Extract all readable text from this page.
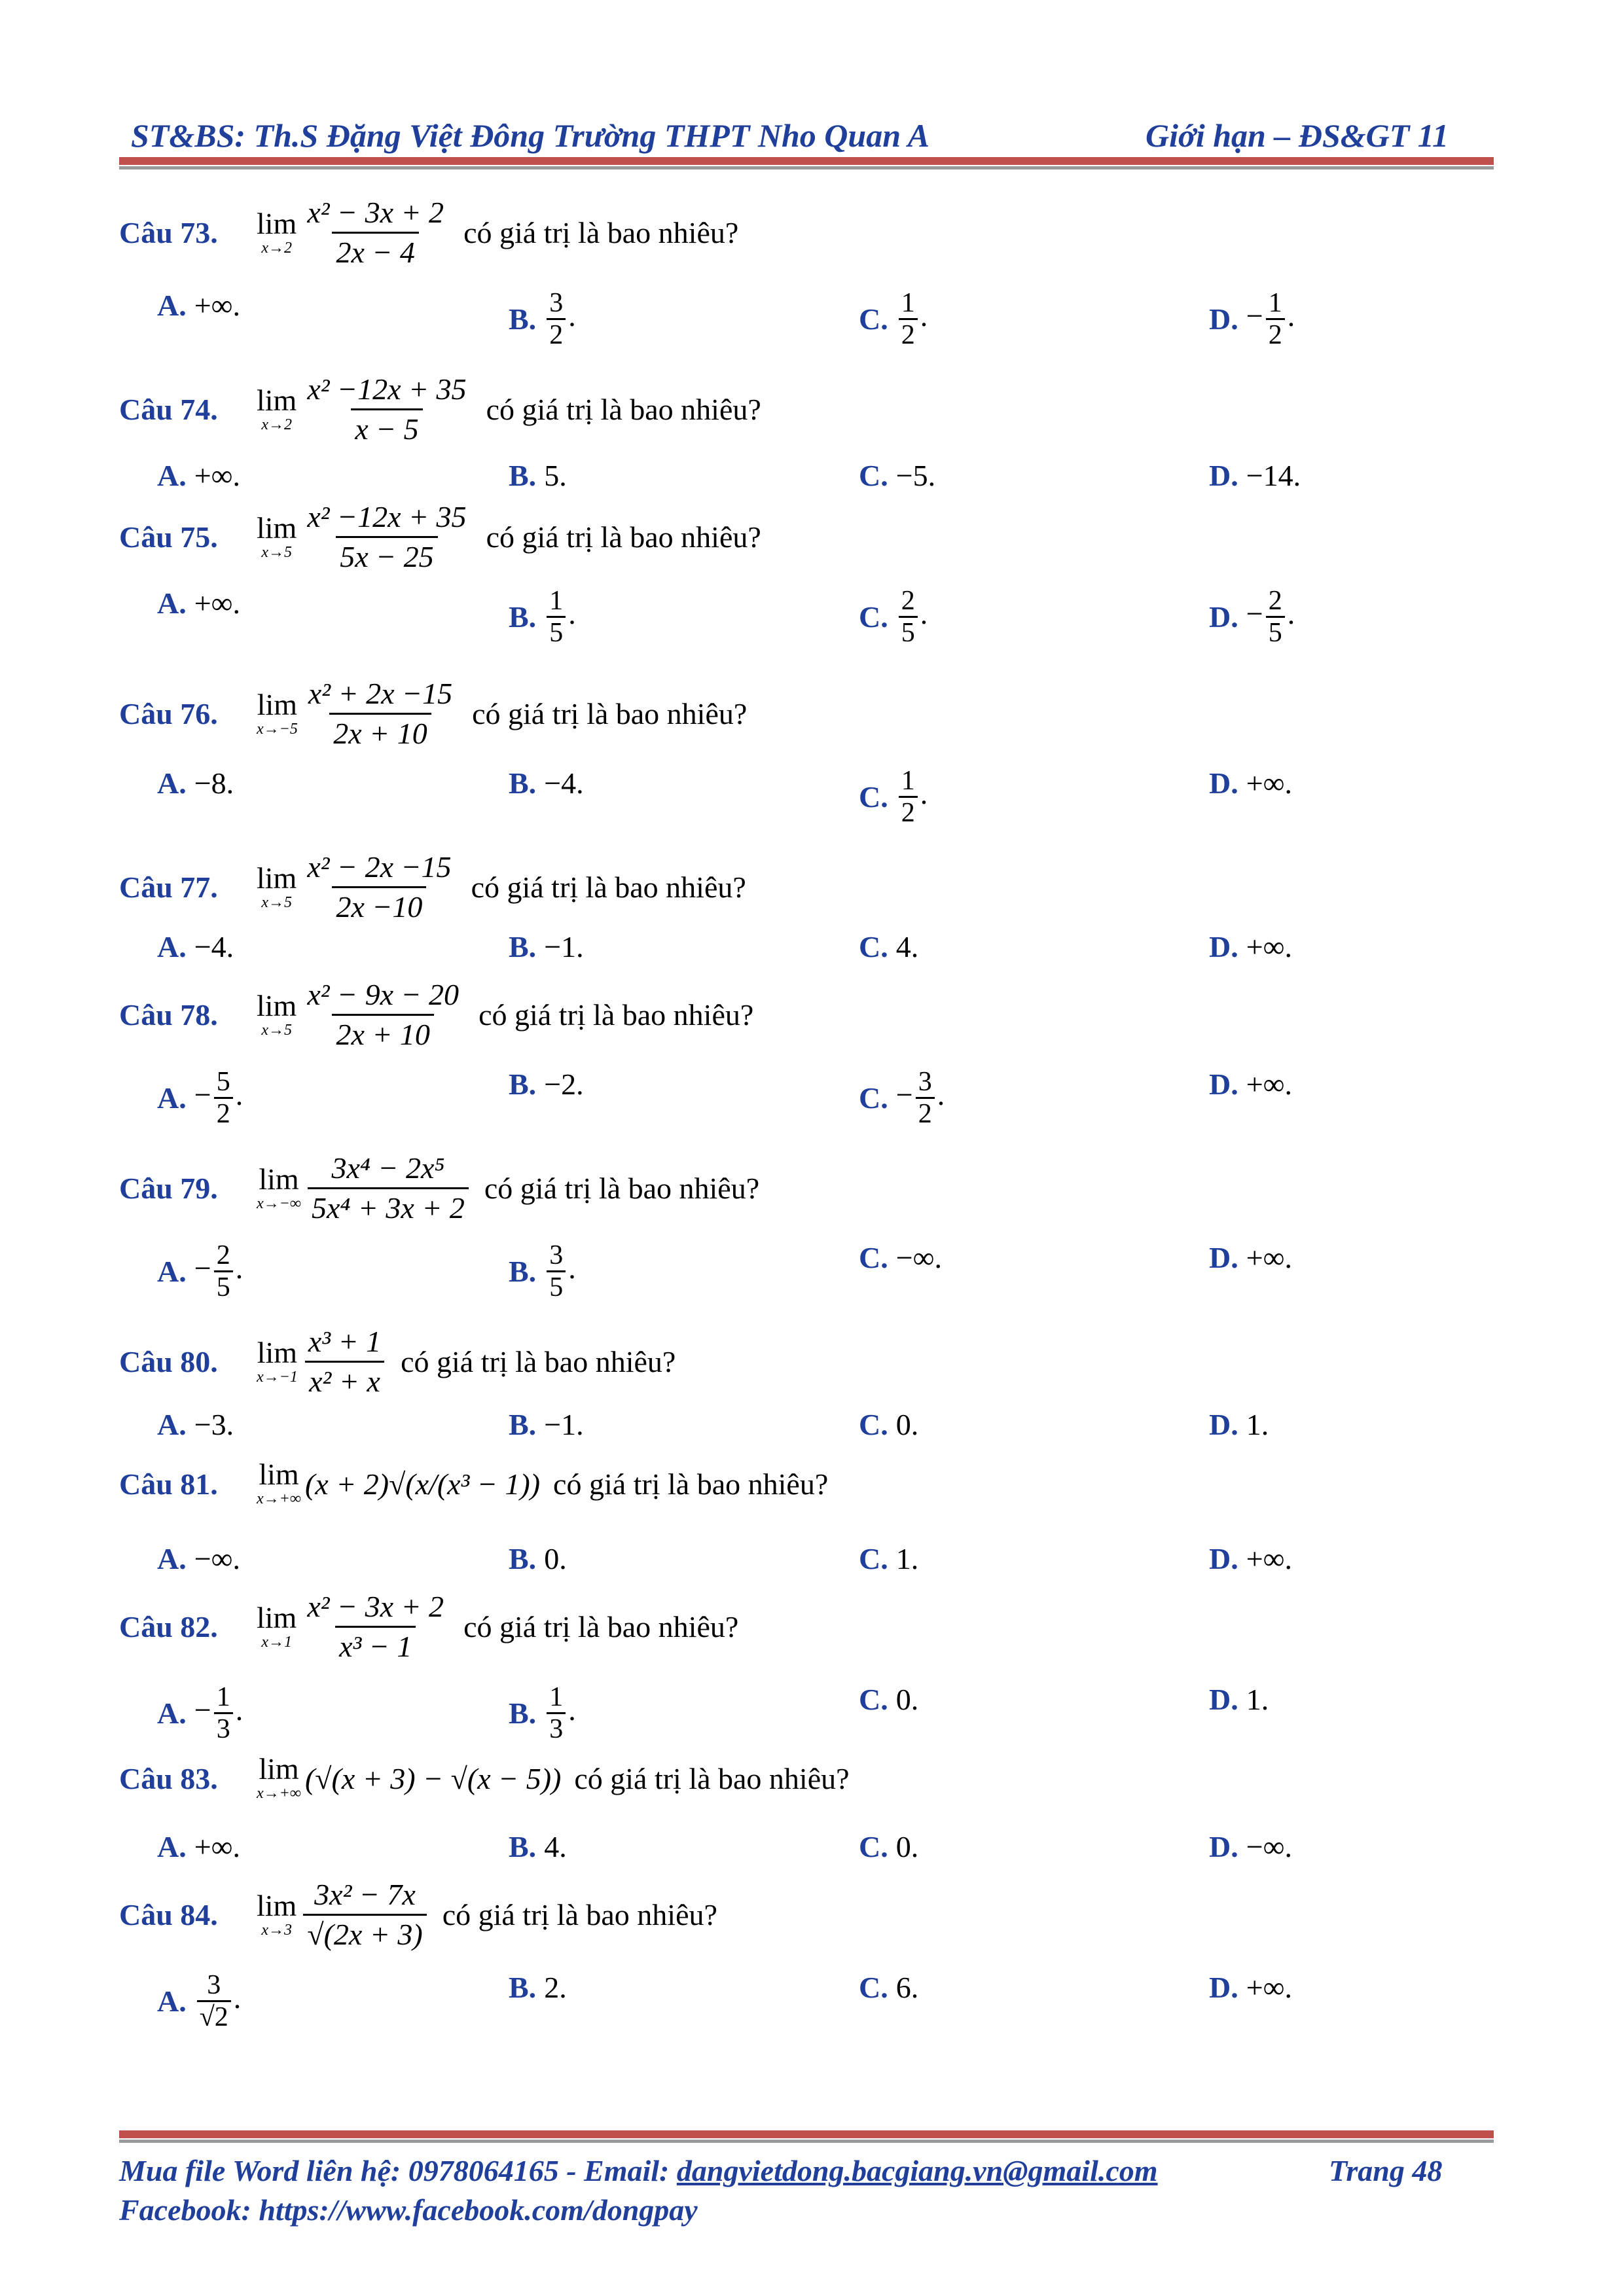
ST&BS: Th.S Đặng Việt Đông Trường THPT Nho Quan A	Giới hạn – ĐS&GT 11
Câu 73.	lim
$x\to 2 \frac{\text{x² − 3x + 2}}{2x - 4}$ có giá trị là bao nhiêu?
A. +∞.	B. $\frac{3}{2}$ .	C. $\frac{1}{2}$ .	D. − $\frac{1}{2}$ .
Câu 74.	lim
$x\to 2 \frac{\text{x² −12x + 35}}{x - 5}$ có giá trị là bao nhiêu?
A. +∞.	B. 5.	C. −5.	D. −14.
Câu 75.	lim
$x\to 5 \frac{\text{x² −12x + 35}}{5x - 25}$ có giá trị là bao nhiêu?
A. +∞.	B. $\frac{1}{5}$ .	C. $\frac{2}{5}$ .	D. − $\frac{2}{5}$ .
Câu 76.	lim
$x\to-5 \frac{\text{x² + 2x −15}}{2x + 10}$ có giá trị là bao nhiêu?
A. −8.	B. −4.	C. $\frac{1}{2}$ .	D. +∞.
Câu 77.	lim
$x\to 5 \frac{\text{x² − 2x −15}}{2x -10}$ có giá trị là bao nhiêu?
A. −4.	B. −1.	C. 4.	D. +∞.
Câu 78.	lim
$x\to 5 \frac{\text{x² − 9x − 20}}{2x + 10}$ có giá trị là bao nhiêu?
A. − $\frac{5}{2}$ .	B. −2.	C. − $\frac{3}{2}$ .	D. +∞.
Câu 79.	lim
$x\to-\infty \frac{\text{3x⁴ − 2x⁵}}{\text{5x⁴ + 3x + 2}}$ có giá trị là bao nhiêu?
A. − $\frac{2}{5}$ .	B. $\frac{3}{5}$ .	C. −∞.	D. +∞.
Câu 80.	lim
$x\to-1 \frac{\text{x³ + 1}}{\text{x² + x}}$ có giá trị là bao nhiêu?
A. −3.	B. −1.	C. 0.	D. 1.
Câu 81.	lim
x→+∞ (x + 2)√(x/(x³ − 1)) có giá trị là bao nhiêu?
A. −∞.	B. 0.	C. 1.	D. +∞.
Câu 82.	lim
$x\to 1 \frac{\text{x² − 3x + 2}}{\text{x³ − 1}}$ có giá trị là bao nhiêu?
A. − $\frac{1}{3}$ .	B. $\frac{1}{3}$ .	C. 0.	D. 1.
Câu 83.	lim
x→+∞ (√(x + 3) − √(x − 5)) có giá trị là bao nhiêu?
A. +∞.	B. 4.	C. 0.	D. −∞.
Câu 84.	lim
$x\to 3 \frac{\text{3x² − 7x}}{√(2x + 3)}$ có giá trị là bao nhiêu?
A. $\frac{3}{√2}$ .	B. 2.	C. 6.	D. +∞.
Mua file Word liên hệ: 0978064165 - Email: dangvietdong.bacgiang.vn@gmail.com	Trang 48
Facebook: https://www.facebook.com/dongpay
